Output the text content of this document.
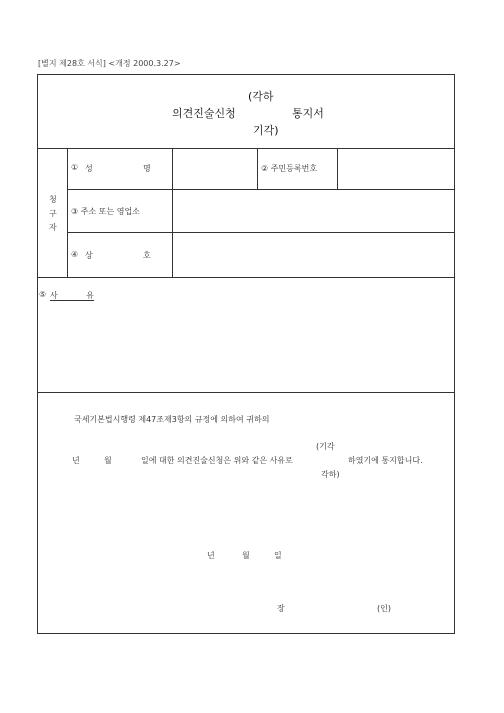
[별지 제28호 서식] <개정 2000.3.27>
(각하
의견진술신청	통지서
기각)
청
구
자
① 성	명	② 주민등록번호
③ 주소 또는 영업소
④ 상	호
⑤ 사	유

국세기본법시행령 제47조제3항의 규정에 의하여 귀하의
(기각
년	월	일에 대한 의견진술신청은 위와 같은 사유로	하였기에 통지합니다.
각하)
년	월	일
장	(인)
